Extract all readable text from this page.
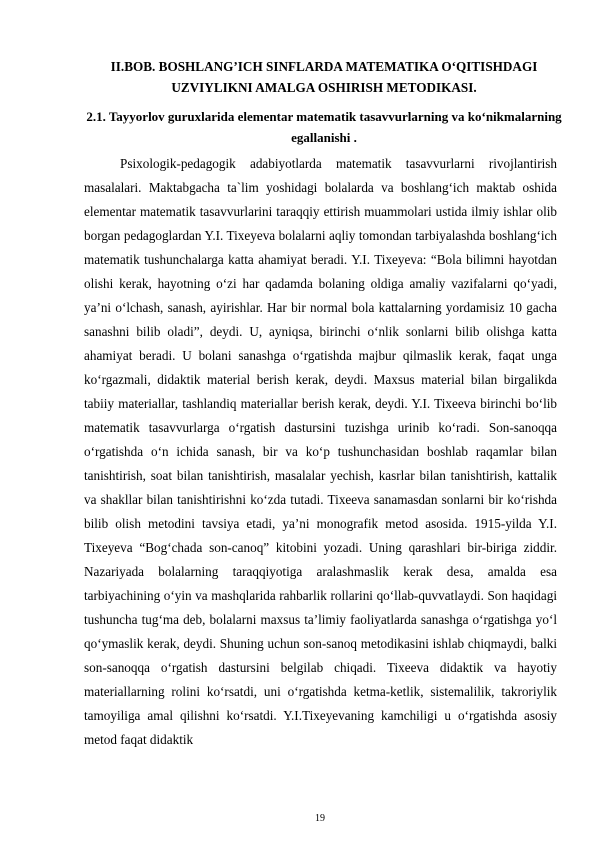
II.BOB. BOSHLANG’ICH SINFLARDA MATEMATIKA O‘QITISHDAGI UZVIYLIKNI AMALGA OSHIRISH METODIKASI.
2.1. Tayyorlov guruxlarida elementar matematik tasavvurlarning va ko‘nikmalarning egallanishi .

Psixologik-pedagogik adabiyotlarda matematik tasavvurlarni rivojlantirish masalalari. Maktabgacha ta`lim yoshidagi bolalarda va boshlang‘ich maktab oshida elementar matematik tasavvurlarini taraqqiy ettirish muammolari ustida ilmiy ishlar olib borgan pedagoglardan Y.I. Tixeyeva bolalarni aqliy tomondan tarbiyalashda boshlang‘ich matematik tushunchalarga katta ahamiyat beradi. Y.I. Tixeyeva: “Bola bilimni hayotdan olishi kerak, hayotning o‘zi har qadamda bolaning oldiga amaliy vazifalarni qo‘yadi, ya’ni o‘lchash, sanash, ayirishlar. Har bir normal bola kattalarning yordamisiz 10 gacha sanashni bilib oladi”, deydi. U, ayniqsa, birinchi o‘nlik sonlarni bilib olishga katta ahamiyat beradi. U bolani sanashga o‘rgatishda majbur qilmaslik kerak, faqat unga ko‘rgazmali, didaktik material berish kerak, deydi. Maxsus material bilan birgalikda tabiiy materiallar, tashlandiq materiallar berish kerak, deydi. Y.I. Tixeeva birinchi bo‘lib matematik tasavvurlarga o‘rgatish dastursini tuzishga urinib ko‘radi. Son-sanoqqa o‘rgatishda o‘n ichida sanash, bir va ko‘p tushunchasidan boshlab raqamlar bilan tanishtirish, soat bilan tanishtirish, masalalar yechish, kasrlar bilan tanishtirish, kattalik va shakllar bilan tanishtirishni ko‘zda tutadi. Tixeeva sanamasdan sonlarni bir ko‘rishda bilib olish metodini tavsiya etadi, ya’ni monografik metod asosida. 1915-yilda Y.I. Tixeyeva “Bog‘chada son-canoq” kitobini yozadi. Uning qarashlari bir-biriga ziddir. Nazariyada bolalarning taraqqiyotiga aralashmaslik kerak desa, amalda esa tarbiyachining o‘yin va mashqlarida rahbarlik rollarini qo‘llab-quvvatlaydi. Son haqidagi tushuncha tug‘ma deb, bolalarni maxsus ta’limiy faoliyatlarda sanashga o‘rgatishga yo‘l qo‘ymaslik kerak, deydi. Shuning uchun son-sanoq metodikasini ishlab chiqmaydi, balki son-sanoqqa o‘rgatish dastursini belgilab chiqadi. Tixeeva didaktik va hayotiy materiallarning rolini ko‘rsatdi, uni o‘rgatishda ketma-ketlik, sistemalilik, takroriylik tamoyiliga amal qilishni ko‘rsatdi. Y.I.Tixeyevaning kamchiligi u o‘rgatishda asosiy metod faqat didaktik

19
